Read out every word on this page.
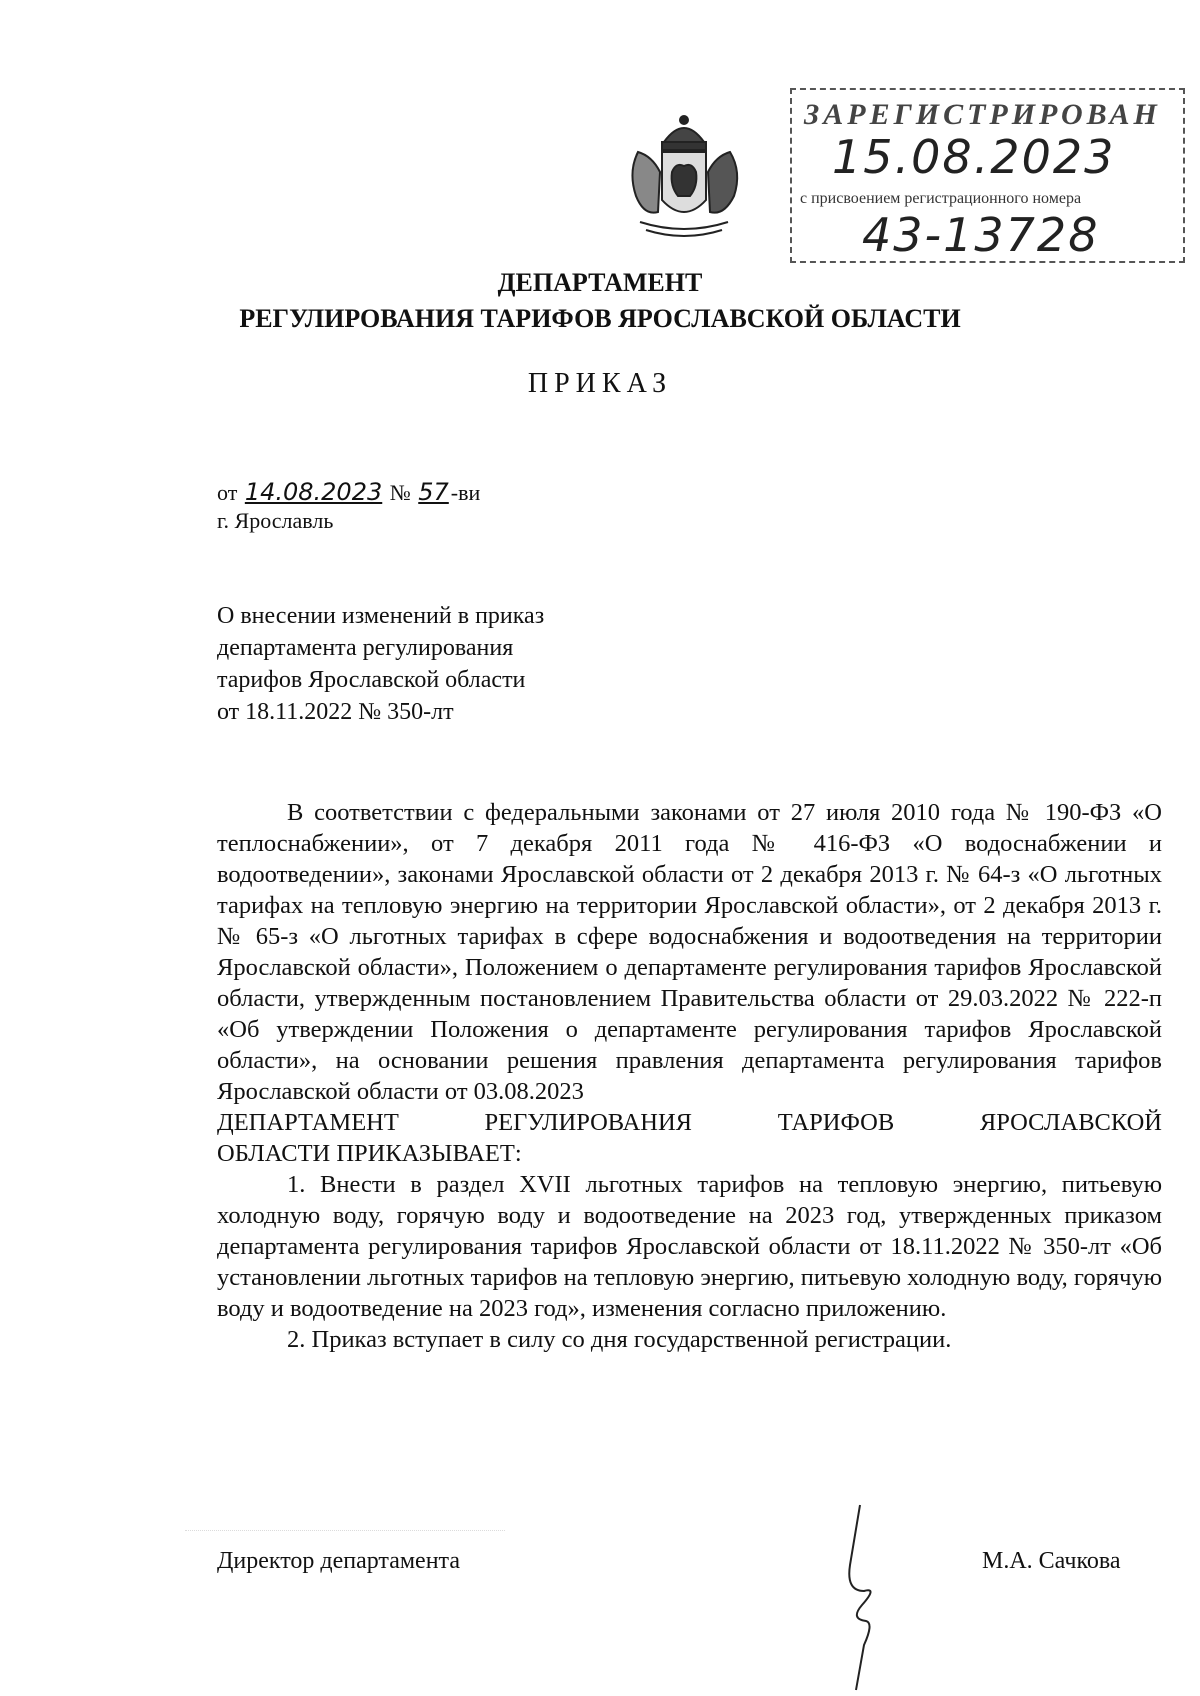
ЗАРЕГИСТРИРОВАН
15.08.2023
с присвоением регистрационного номера
43-13728
ДЕПАРТАМЕНТ
РЕГУЛИРОВАНИЯ ТАРИФОВ ЯРОСЛАВСКОЙ ОБЛАСТИ
ПРИКАЗ
от 14.08.2023 № 57-ви
г. Ярославль
О внесении изменений в приказ
департамента регулирования
тарифов Ярославской области
от 18.11.2022 № 350-лт

В соответствии с федеральными законами от 27 июля 2010 года № 190-ФЗ «О теплоснабжении», от 7 декабря 2011 года № 416-ФЗ «О водоснабжении и водоотведении», законами Ярославской области от 2 декабря 2013 г. № 64-з «О льготных тарифах на тепловую энергию на территории Ярославской области», от 2 декабря 2013 г. № 65-з «О льготных тарифах в сфере водоснабжения и водоотведения на территории Ярославской области», Положением о департаменте регулирования тарифов Ярославской области, утвержденным постановлением Правительства области от 29.03.2022 № 222-п «Об утверждении Положения о департаменте регулирования тарифов Ярославской области», на основании решения правления департамента регулирования тарифов Ярославской области от 03.08.2023

ДЕПАРТАМЕНТ РЕГУЛИРОВАНИЯ ТАРИФОВ ЯРОСЛАВСКОЙ

ОБЛАСТИ ПРИКАЗЫВАЕТ:

1. Внести в раздел XVII льготных тарифов на тепловую энергию, питьевую холодную воду, горячую воду и водоотведение на 2023 год, утвержденных приказом департамента регулирования тарифов Ярославской области от 18.11.2022 № 350-лт «Об установлении льготных тарифов на тепловую энергию, питьевую холодную воду, горячую воду и водоотведение на 2023 год», изменения согласно приложению.

2. Приказ вступает в силу со дня государственной регистрации.

Директор департамента	М.А. Сачкова
